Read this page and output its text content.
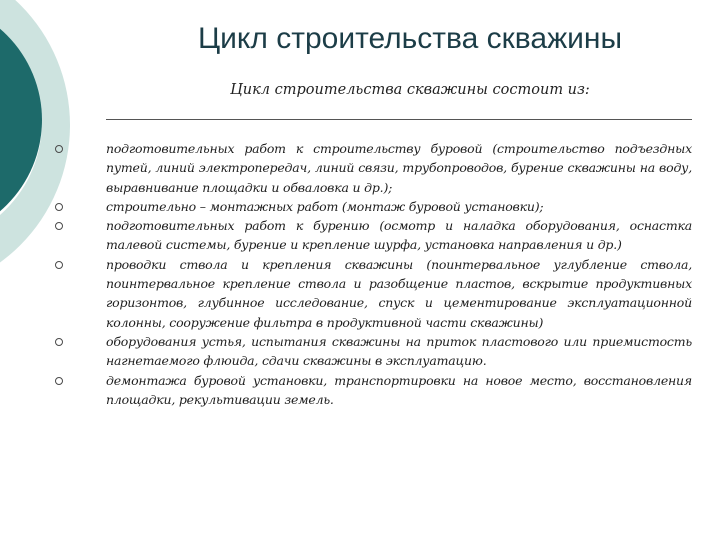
Цикл строительства скважины
Цикл строительства скважины состоит из:
подготовительных работ к строительству буровой (строительство подъездных путей, линий электропередач, линий связи, трубопроводов, бурение скважины на воду, выравнивание площадки и обваловка и др.);
строительно – монтажных работ (монтаж буровой установки);
подготовительных работ к бурению (осмотр и наладка оборудования, оснастка талевой системы, бурение и крепление шурфа, установка направления и др.)
проводки ствола и крепления скважины (поинтервальное углубление ствола, поинтервальное крепление ствола и разобщение пластов, вскрытие продуктивных горизонтов, глубинное исследование, спуск и цементирование эксплуатационной колонны, сооружение фильтра в продуктивной части скважины)
оборудования устья, испытания скважины на приток пластового или приемистость нагнетаемого флюида, сдачи скважины в эксплуатацию.
демонтажа буровой установки, транспортировки на новое место, восстановления площадки, рекультивации земель.
